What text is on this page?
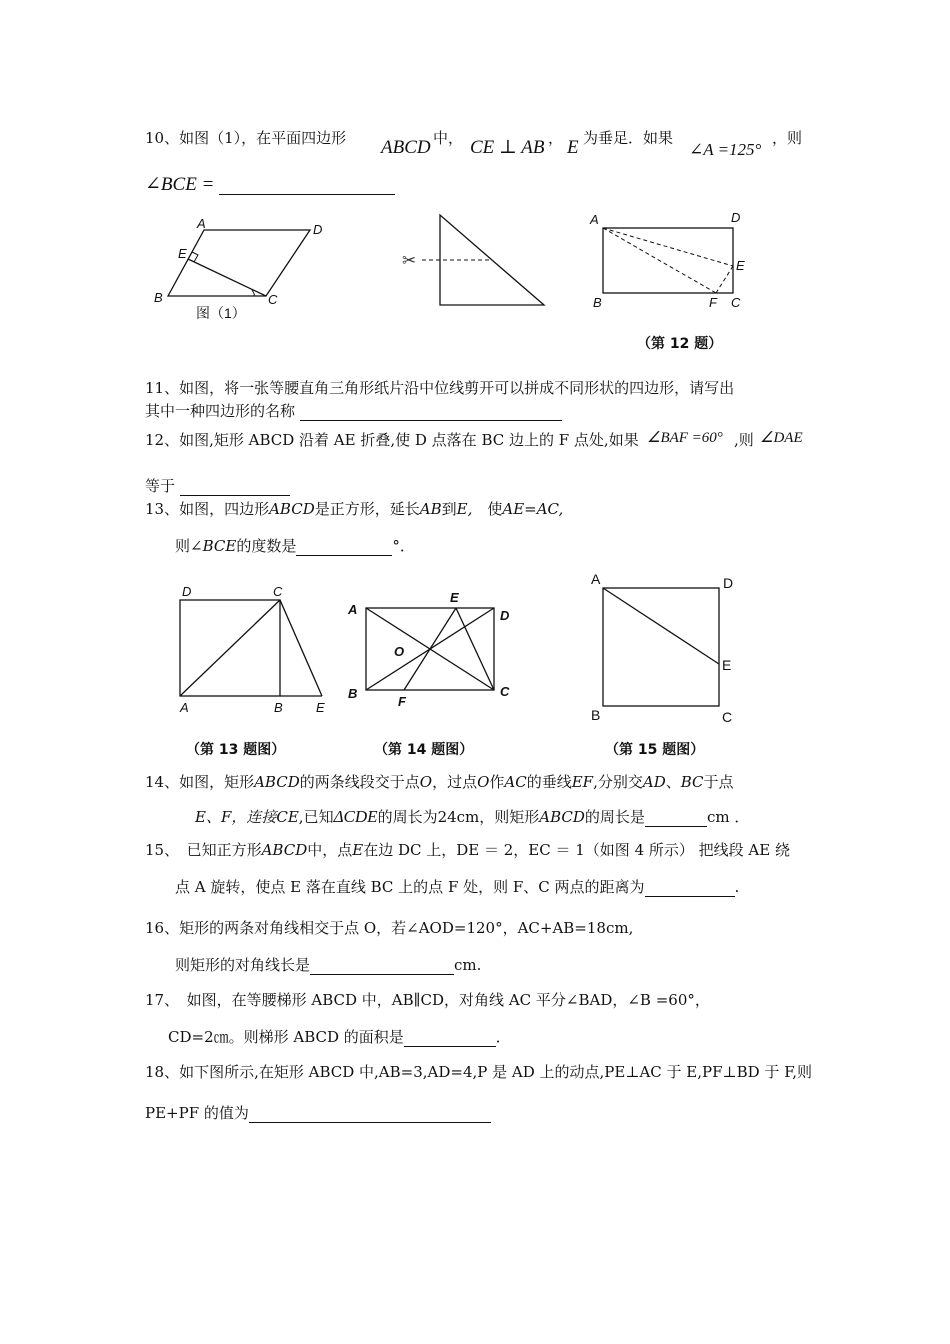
10、如图（1），在平面四边形 ABCD 中， CE ⊥ AB ， E 为垂足．如果
∠A =125°
，则
∠BCE =
A	D
E
B	C
图（1）
✂
A	D
E
B	F C
（第 12 题）
11、如图，将一张等腰直角三角形纸片沿中位线剪开可以拼成不同形状的四边形，请写出
其中一种四边形的名称
12、如图,矩形 ABCD 沿着 AE 折叠,使 D 点落在 BC 边上的 F 点处,如果 ∠BAF =60° ,则 ∠DAE
等于
13、如图，四边形ABCD是正方形，延长AB到E,　 使AE=AC,
则∠BCE的度数是	°．
D	C
A	B	E
（第 13 题图）
A
E
D
O
B
F
C
（第 14 题图）
A	D
E
B	C
（第 15 题图）
14、如图，矩形ABCD的两条线段交于点O，过点O作AC的垂线EF,分别交AD、BC于点
E、F，连接CE,已知ΔCDE的周长为24cm，则矩形ABCD的周长是	cm ．
15、　已知正方形ABCD中，点E在边 DC 上，DE ＝ 2，EC ＝ 1（如图 4 所示） 把线段 AE 绕
点 A 旋转，使点 E 落在直线 BC 上的点 F 处，则 F、C 两点的距离为	.
16、矩形的两条对角线相交于点 O，若∠AOD=120°，AC+AB=18cm,
则矩形的对角线长是	cm.
17、　如图，在等腰梯形 ABCD 中，AB∥CD，对角线 AC 平分∠BAD，∠B =60°，
CD=2㎝。则梯形 ABCD 的面积是	．
18、如下图所示,在矩形 ABCD 中,AB=3,AD=4,P 是 AD 上的动点,PE⊥AC 于 E,PF⊥BD 于 F,则
PE+PF 的值为
